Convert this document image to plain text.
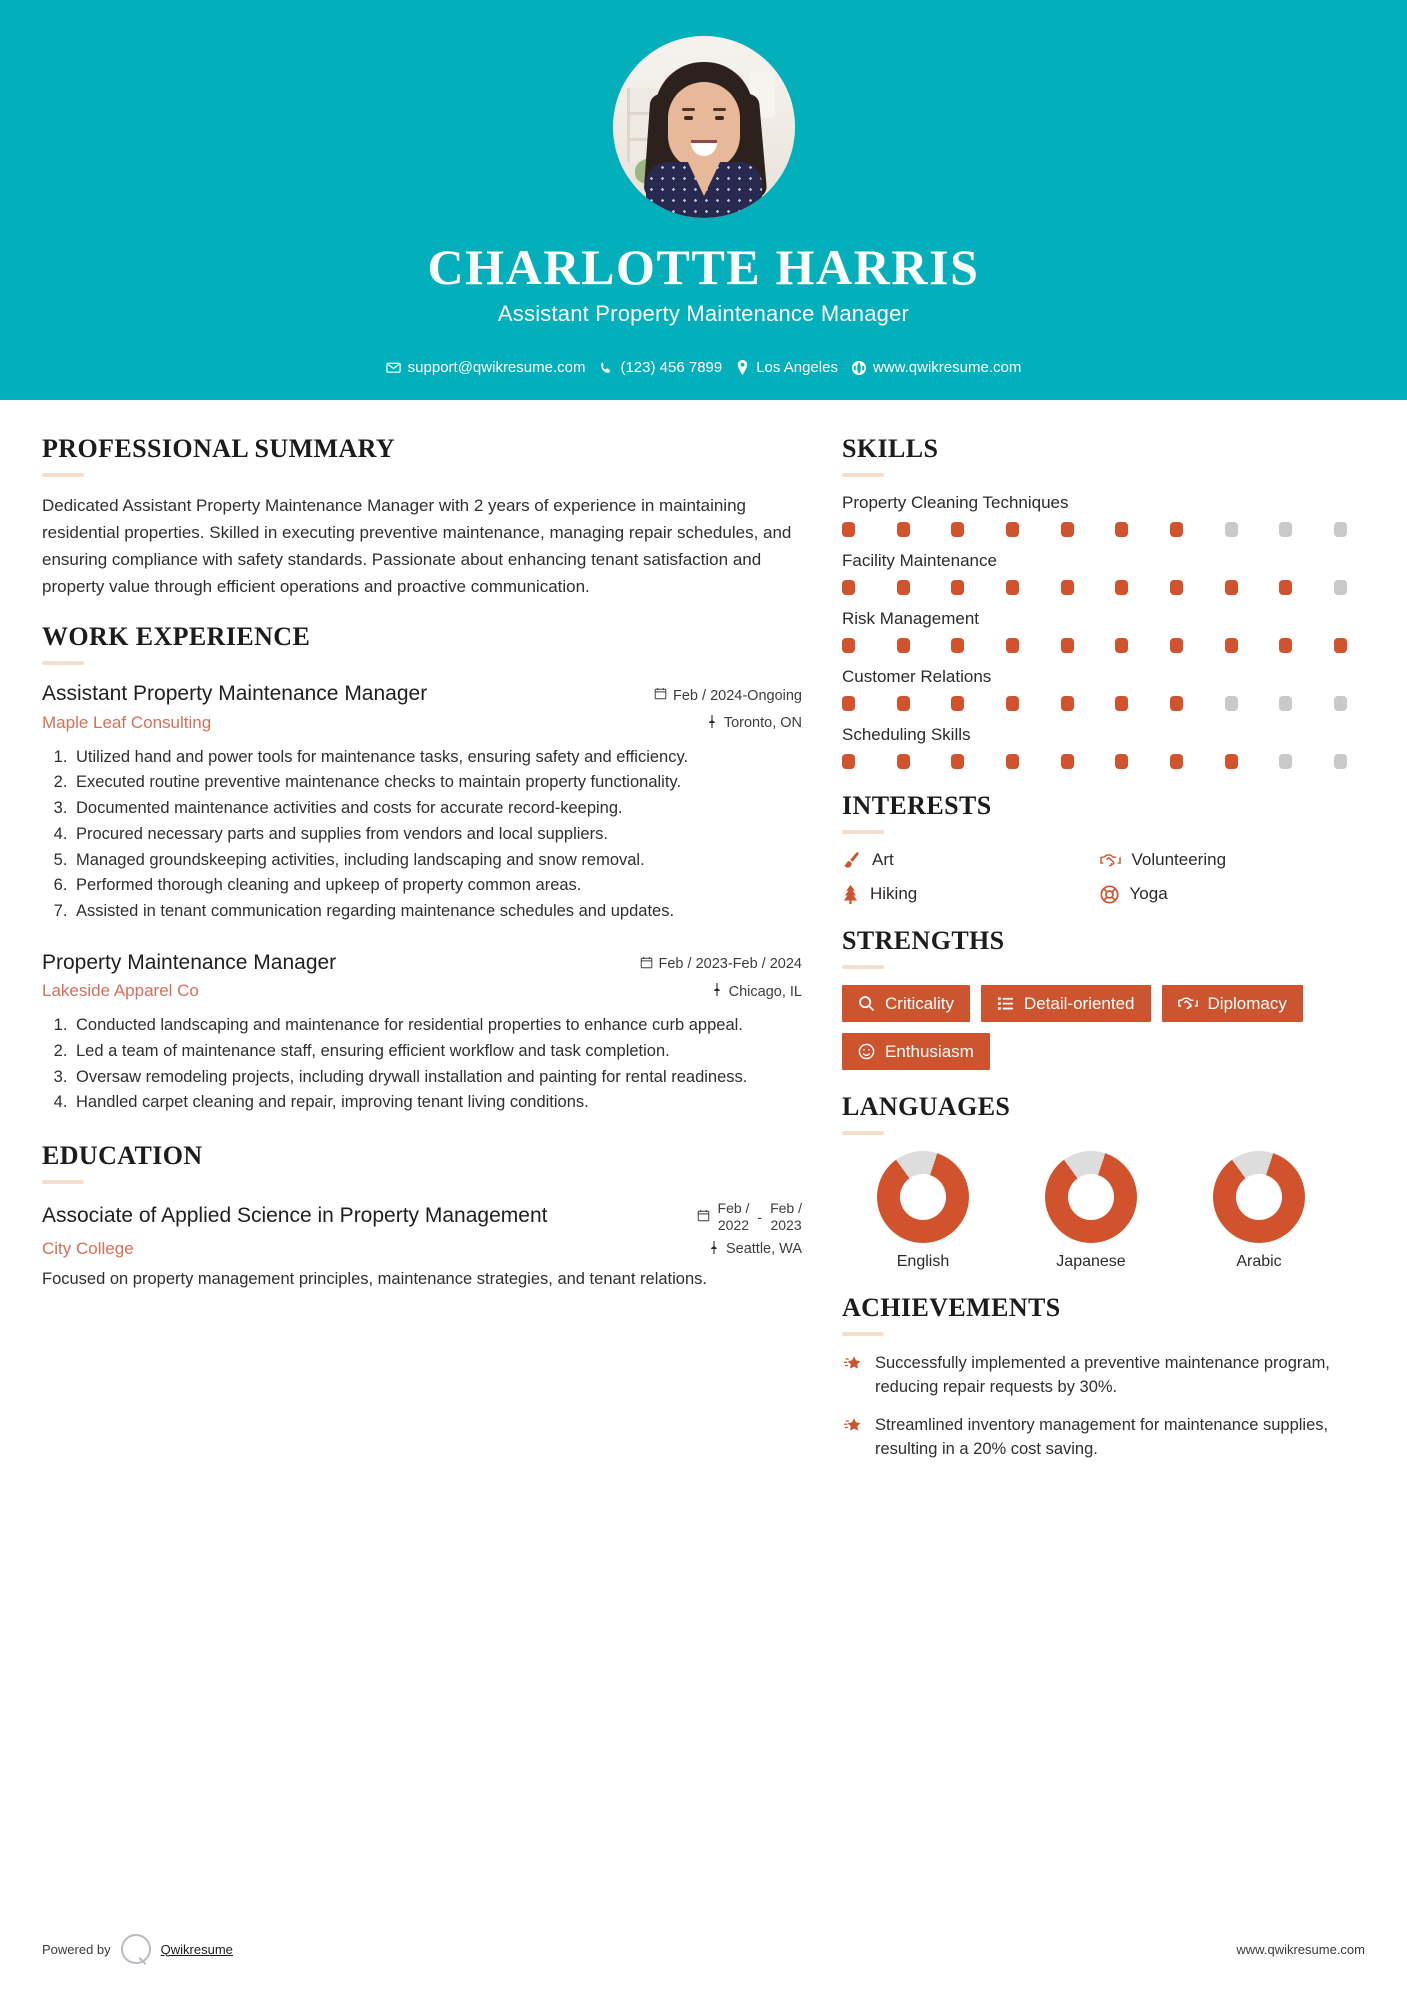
CHARLOTTE HARRIS
Assistant Property Maintenance Manager
support@qwikresume.com (123) 456 7899 Los Angeles www.qwikresume.com
PROFESSIONAL SUMMARY

Dedicated Assistant Property Maintenance Manager with 2 years of experience in maintaining residential properties. Skilled in executing preventive maintenance, managing repair schedules, and ensuring compliance with safety standards. Passionate about enhancing tenant satisfaction and property value through efficient operations and proactive communication.

WORK EXPERIENCE
Assistant Property Maintenance Manager	Feb / 2024-Ongoing
Maple Leaf Consulting	Toronto, ON
1. Utilized hand and power tools for maintenance tasks, ensuring safety and efficiency.
2. Executed routine preventive maintenance checks to maintain property functionality.
3. Documented maintenance activities and costs for accurate record-keeping.
4. Procured necessary parts and supplies from vendors and local suppliers.
5. Managed groundskeeping activities, including landscaping and snow removal.
6. Performed thorough cleaning and upkeep of property common areas.
7. Assisted in tenant communication regarding maintenance schedules and updates.
Property Maintenance Manager	Feb / 2023-Feb / 2024
Lakeside Apparel Co	Chicago, IL
1. Conducted landscaping and maintenance for residential properties to enhance curb appeal.
2. Led a team of maintenance staff, ensuring efficient workflow and task completion.
3. Oversaw remodeling projects, including drywall installation and painting for rental readiness.
4. Handled carpet cleaning and repair, improving tenant living conditions.
EDUCATION
Associate of Applied Science in Property Management	Feb /
2022
-
Feb /
2023
City College	Seattle, WA
Focused on property management principles, maintenance strategies, and tenant relations.
SKILLS
Property Cleaning Techniques
Facility Maintenance
Risk Management
Customer Relations
Scheduling Skills
INTERESTS
Art	Volunteering
Hiking	Yoga
STRENGTHS
Criticality	Detail-oriented	Diplomacy
Enthusiasm
LANGUAGES
English	Japanese	Arabic
ACHIEVEMENTS
Successfully implemented a preventive maintenance program, reducing repair requests by 30%.
Streamlined inventory management for maintenance supplies, resulting in a 20% cost saving.
Powered by	Qwikresume	www.qwikresume.com
